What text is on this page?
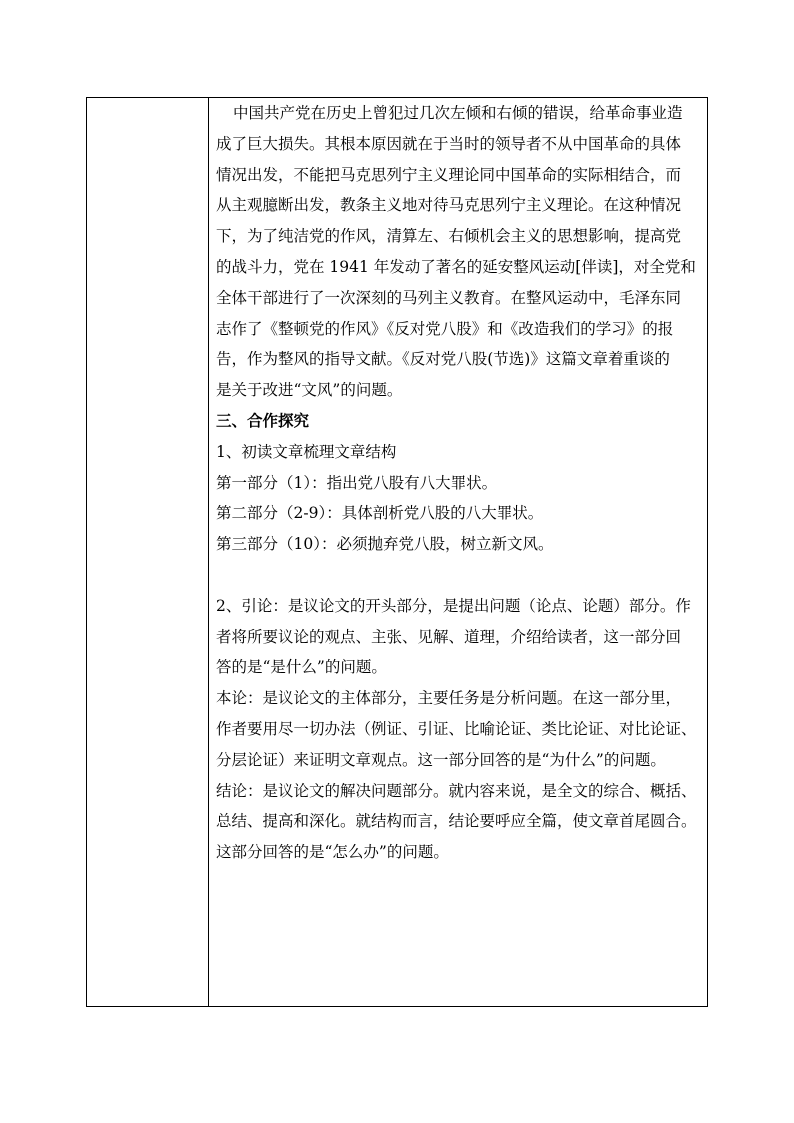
中国共产党在历史上曾犯过几次左倾和右倾的错误，给革命事业造
成了巨大损失。其根本原因就在于当时的领导者不从中国革命的具体
情况出发，不能把马克思列宁主义理论同中国革命的实际相结合，而
从主观臆断出发，教条主义地对待马克思列宁主义理论。在这种情况
下，为了纯洁党的作风，清算左、右倾机会主义的思想影响，提高党
的战斗力，党在 1941 年发动了著名的延安整风运动[伴读]，对全党和
全体干部进行了一次深刻的马列主义教育。在整风运动中，毛泽东同
志作了《整顿党的作风》《反对党八股》和《改造我们的学习》的报
告，作为整风的指导文献。《反对党八股(节选)》这篇文章着重谈的
是关于改进“文风”的问题。
三、合作探究
1、初读文章梳理文章结构
第一部分（1）：指出党八股有八大罪状。
第二部分（2-9）：具体剖析党八股的八大罪状。
第三部分（10）：必须抛弃党八股，树立新文风。
2、引论：是议论文的开头部分，是提出问题（论点、论题）部分。作
者将所要议论的观点、主张、见解、道理，介绍给读者，这一部分回
答的是“是什么”的问题。
本论：是议论文的主体部分，主要任务是分析问题。在这一部分里，
作者要用尽一切办法（例证、引证、比喻论证、类比论证、对比论证、
分层论证）来证明文章观点。这一部分回答的是“为什么”的问题。
结论：是议论文的解决问题部分。就内容来说，是全文的综合、概括、
总结、提高和深化。就结构而言，结论要呼应全篇，使文章首尾圆合。
这部分回答的是“怎么办”的问题。
